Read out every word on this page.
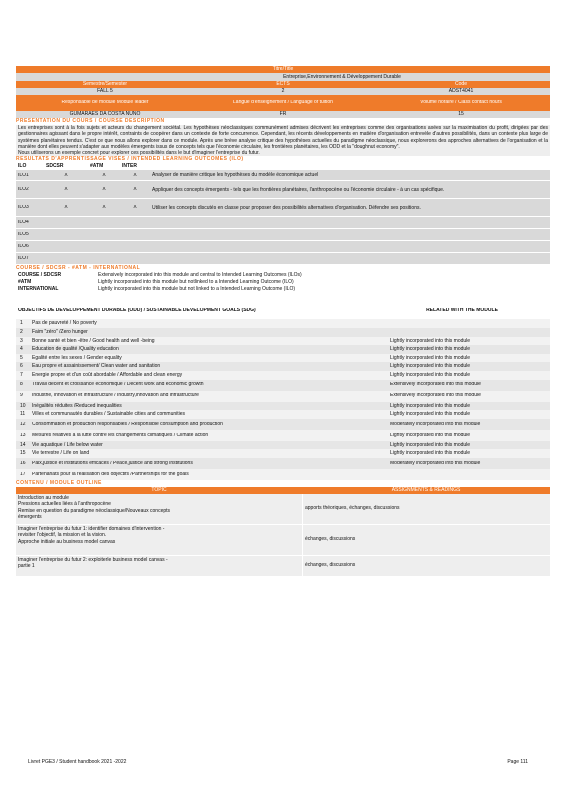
Titre/Title
Entreprise,Environnement & Développement Durable
Semestre/Semester	ECTS	Code
FALL 5	2	ADST4041
Responsable de module Module leader	Langue d'enseignement / Language of tuition	Volume horaire / Class contact hours
GUMARAES DA COSTA NUNO	FR	15
PRESENTATION DU COURS / COURSE DESCRIPTION
Les entreprises sont à la fois sujets et acteurs du changement sociétal. Les hypothèses néoclassiques communément admises décrivent les entreprises comme des organisations axées sur la maximisation du profit, dirigées par des gestionnaires agissant dans le propre intérêt, contraints de coopérer dans un contexte de forte concurrence. Cependant, les récents développements en matière d'organisation entrevèle d'autres possibilités, dans un contexte plus large de systèmes planétaires tendus. C'est ce que nous allons explorer dans ce module. Après une brève analyse critique des hypothèses actuelles du paradigme néoclassique, nous explorerons des approches alternatives de l'organisation et la manière dont elles peuvent s'adapter aux modèles émergents issus de concepts tels que l'économie circulaire, les frontières planétaires, les ODD et la "doughnut economy".
Nous utiliserons un exemple concret pour explorer ces possibilités dans le but d'imaginer l'entreprise du futur.
RESULTATS D'APPRENTISSAGE VISES / INTENDED LEARNING OUTCOMES (ILO)
ILO	SDCSR	#ATM	INTER
ILO1	X	X	X	Analyser de manière critique les hypothèses du modèle économique actuel
ILO2	X	X	X	Appliquer des concepts émergents - tels que les frontières planétaires, l'anthropocène ou l'économie circulaire - à un cas spécifique.
ILO3	X	X	X	Utiliser les concepts discutés en classe pour proposer des possibilités alternatives d'organisation. Défendre ses positions.
ILO4
ILO5
ILO6
ILO7
COURSE / SDCSR - #ATM - INTERNATIONAL
COURSE / SDCSR	Extensively incorporated into this module and central to Intended Learning Outcomes (ILOs)
#ATM	Lightly incorporated into this module but notlinked to a Intended Learning Outcome (ILO)
INTERNATIONAL	Lightly incorporated into this module but not linked to a Intended Learning Outcome (ILO)
OBJECTIFS DE DEVELOPPEMENT DURABLE (ODD) / SUSTAINABLE DEVELOPMENT GOALS (SDG)	RELATED WITH THE MODULE
1	Pas de pauvreté / No poverty
2	Faim "zéro" /Zero hunger
3	Bonne santé et bien -être / Good health and well -being	Lightly incorporated into this module
4	Education de qualité /Quality education	Lightly incorporated into this module
5	Egalité entre les sexes / Gender equality	Lightly incorporated into this module
6	Eau propre et assainissement/ Clean water and sanitation	Lightly incorporated into this module
7	Energie propre et d'un coût abordable / Affordable and clean energy	Lightly incorporated into this module
8	Travail décent et croissance économique / Decent work and economic growth	Extensively incorporated into this module
9	Industrie, innovation et infrastructure / Industry,innovation and infrastructure	Extensively incorporated into this module
10	Inégalités réduites /Reduced inequalities	Lightly incorporated into this module
11	Villes et communautés durables / Sustainable cities and communities	Lightly incorporated into this module
12	Consommation et production responsables / Responsible consumption and production	Moderately incorporated into this module
13	Mesures relatives à la lutte contre les changements climatiques / Climate action	Lightly incorporated into this module
14	Vie aquatique / Life below water	Lightly incorporated into this module
15	Vie terrestre / Life on land	Lightly incorporated into this module
16	Paix,justice et institutions efficaces / Peace,justice and strong institutions	Moderately incorporated into this module
17	Partenariats pour la réalisation des objectifs /Partnerships for the goals
CONTENU / MODULE OUTLINE
TOPIC	ASSIGNMENTS & READINGS
Introduction au module
Pressions actuelles liées à l'anthropocène
Remise en question du paradigme néoclassique/Nouveaux concepts
émergents
apports théoriques, échanges, discussions
Imaginer l'entreprise du futur 1: identifier domaines d'intervention -
revisiter l'objectif, la mission et la vision.
Approche initiale au business model canvas	échanges, discussions
Imaginer l'entreprise du futur 2: exploiterle business model canvas -
partie 1	échanges, discussions
Livret PGE3 / Student handbook 2021 -2022	Page 111
